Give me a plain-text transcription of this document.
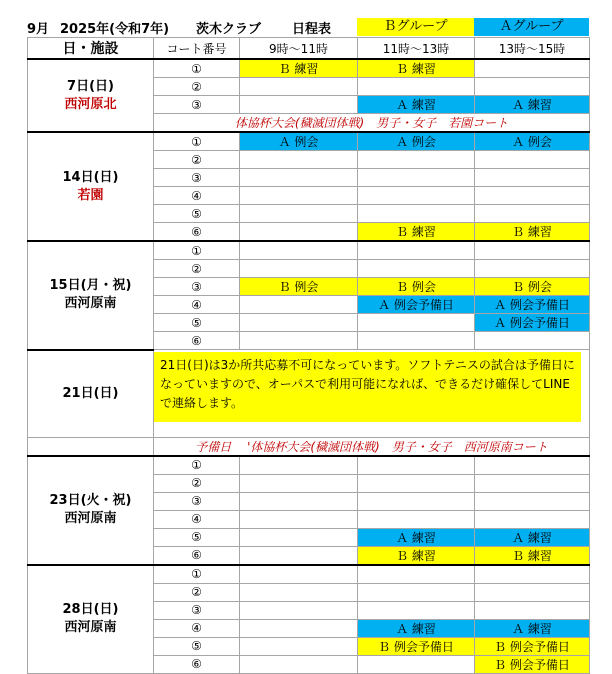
9月 2025年(令和7年) 茨木クラブ 日程表	Ｂグループ	Ａグループ
日・施設	コート番号	9時～11時	11時～13時	13時～15時

7日(日)
西河原北	①	Ｂ 練習	Ｂ 練習	
	②			
	③		Ａ 練習	Ａ 練習
	体協杯大会(穢滅団体戦)　男子・女子　若園コート			

14日(日)
若園	①	Ａ 例会	Ａ 例会	Ａ 例会
	②			
	③			
	④			
	⑤			
	⑥		Ｂ 練習	Ｂ 練習

15日(月・祝)
西河原南	①			
	②			
	③	Ｂ 例会	Ｂ 例会	Ｂ 例会
	④		Ａ 例会予備日	Ａ 例会予備日
	⑤			Ａ 例会予備日
	⑥			
21日(日)	21日(日)は3か所共応募不可になっています。ソフトテニスの試合は予備日になっていますので、オーパスで利用可能になれば、できるだけ確保してLINEで連絡します。			

	予備日　 '体協杯大会(穢滅団体戦)　男子・女子　西河原南コート			

23日(火・祝)
西河原南	①			
	②			
	③			
	④			
	⑤		Ａ 練習	Ａ 練習
	⑥		Ｂ 練習	Ｂ 練習

28日(日)
西河原南	①			
	②			
	③			
	④		Ａ 練習	Ａ 練習
	⑤		Ｂ 例会予備日	Ｂ 例会予備日
	⑥			Ｂ 例会予備日
